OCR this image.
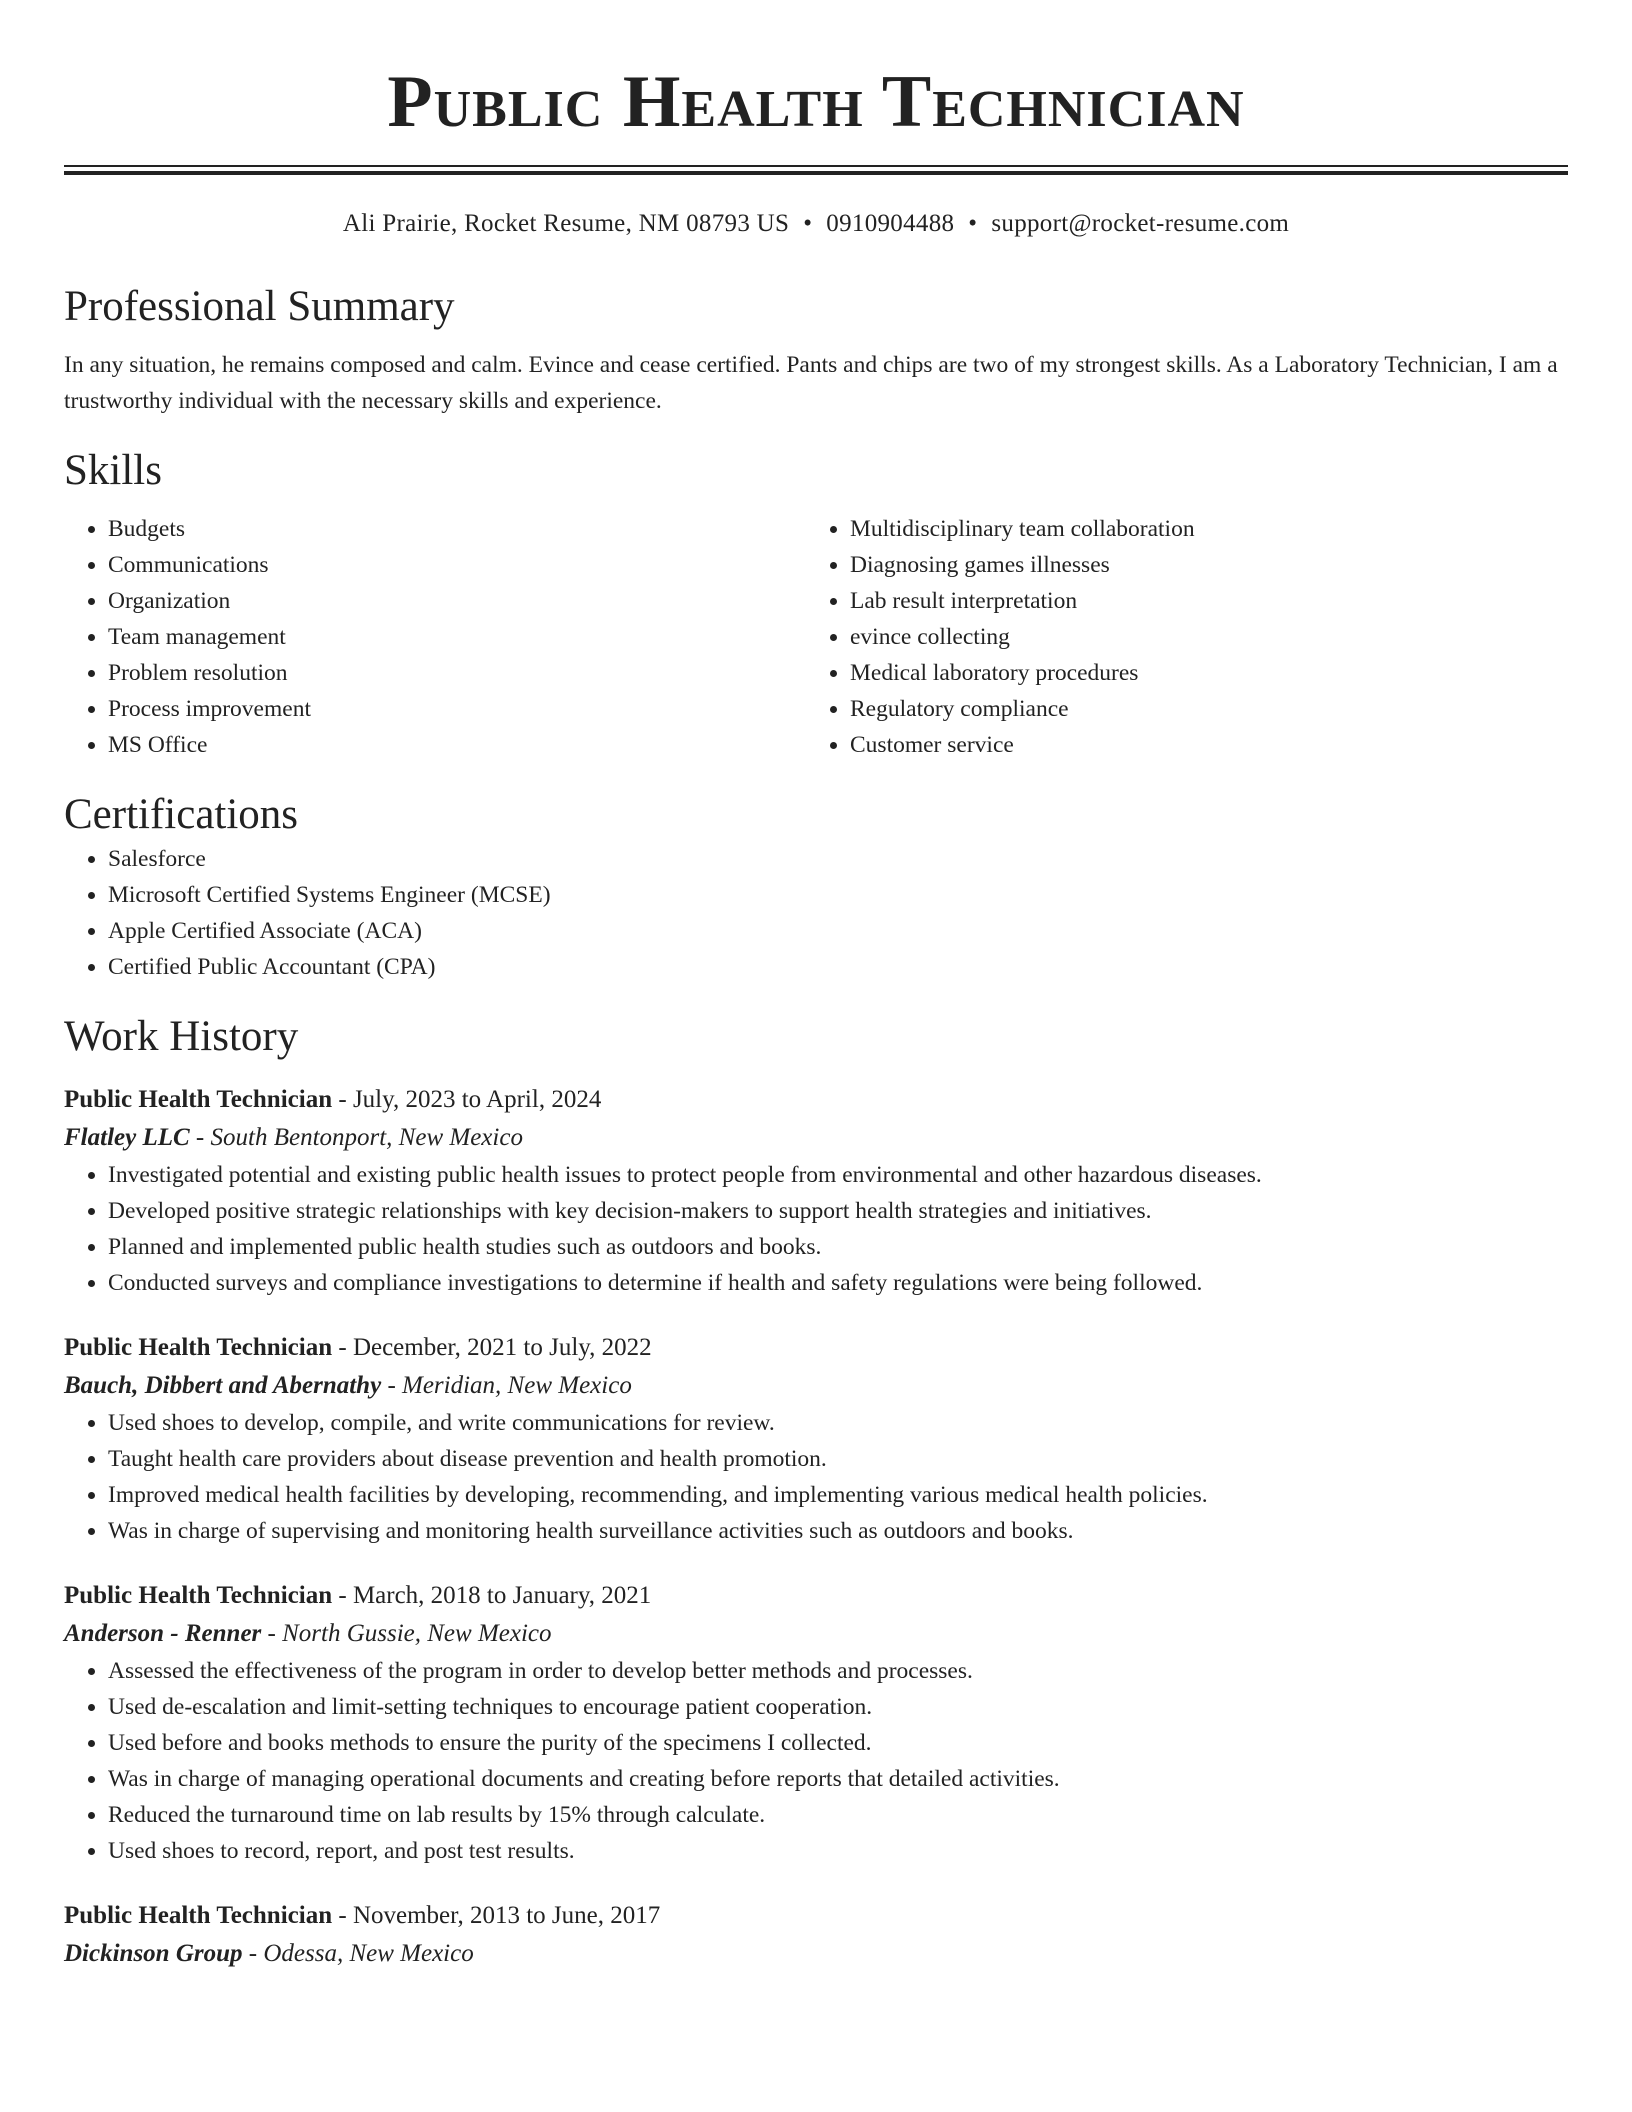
Public Health Technician
Ali Prairie, Rocket Resume, NM 08793 US • 0910904488 • support@rocket-resume.com
Professional Summary

In any situation, he remains composed and calm. Evince and cease certified. Pants and chips are two of my strongest skills. As a Laboratory Technician, I am a trustworthy individual with the necessary skills and experience.

Skills
• Budgets
• Communications
• Organization
• Team management
• Problem resolution
• Process improvement
• MS Office
• Multidisciplinary team collaboration
• Diagnosing games illnesses
• Lab result interpretation
• evince collecting
• Medical laboratory procedures
• Regulatory compliance
• Customer service
Certifications
• Salesforce
• Microsoft Certified Systems Engineer (MCSE)
• Apple Certified Associate (ACA)
• Certified Public Accountant (CPA)
Work History
Public Health Technician - July, 2023 to April, 2024
Flatley LLC - South Bentonport, New Mexico
• Investigated potential and existing public health issues to protect people from environmental and other hazardous diseases.
• Developed positive strategic relationships with key decision-makers to support health strategies and initiatives.
• Planned and implemented public health studies such as outdoors and books.
• Conducted surveys and compliance investigations to determine if health and safety regulations were being followed.
Public Health Technician - December, 2021 to July, 2022
Bauch, Dibbert and Abernathy - Meridian, New Mexico
• Used shoes to develop, compile, and write communications for review.
• Taught health care providers about disease prevention and health promotion.
• Improved medical health facilities by developing, recommending, and implementing various medical health policies.
• Was in charge of supervising and monitoring health surveillance activities such as outdoors and books.
Public Health Technician - March, 2018 to January, 2021
Anderson - Renner - North Gussie, New Mexico
• Assessed the effectiveness of the program in order to develop better methods and processes.
• Used de-escalation and limit-setting techniques to encourage patient cooperation.
• Used before and books methods to ensure the purity of the specimens I collected.
• Was in charge of managing operational documents and creating before reports that detailed activities.
• Reduced the turnaround time on lab results by 15% through calculate.
• Used shoes to record, report, and post test results.
Public Health Technician - November, 2013 to June, 2017
Dickinson Group - Odessa, New Mexico
